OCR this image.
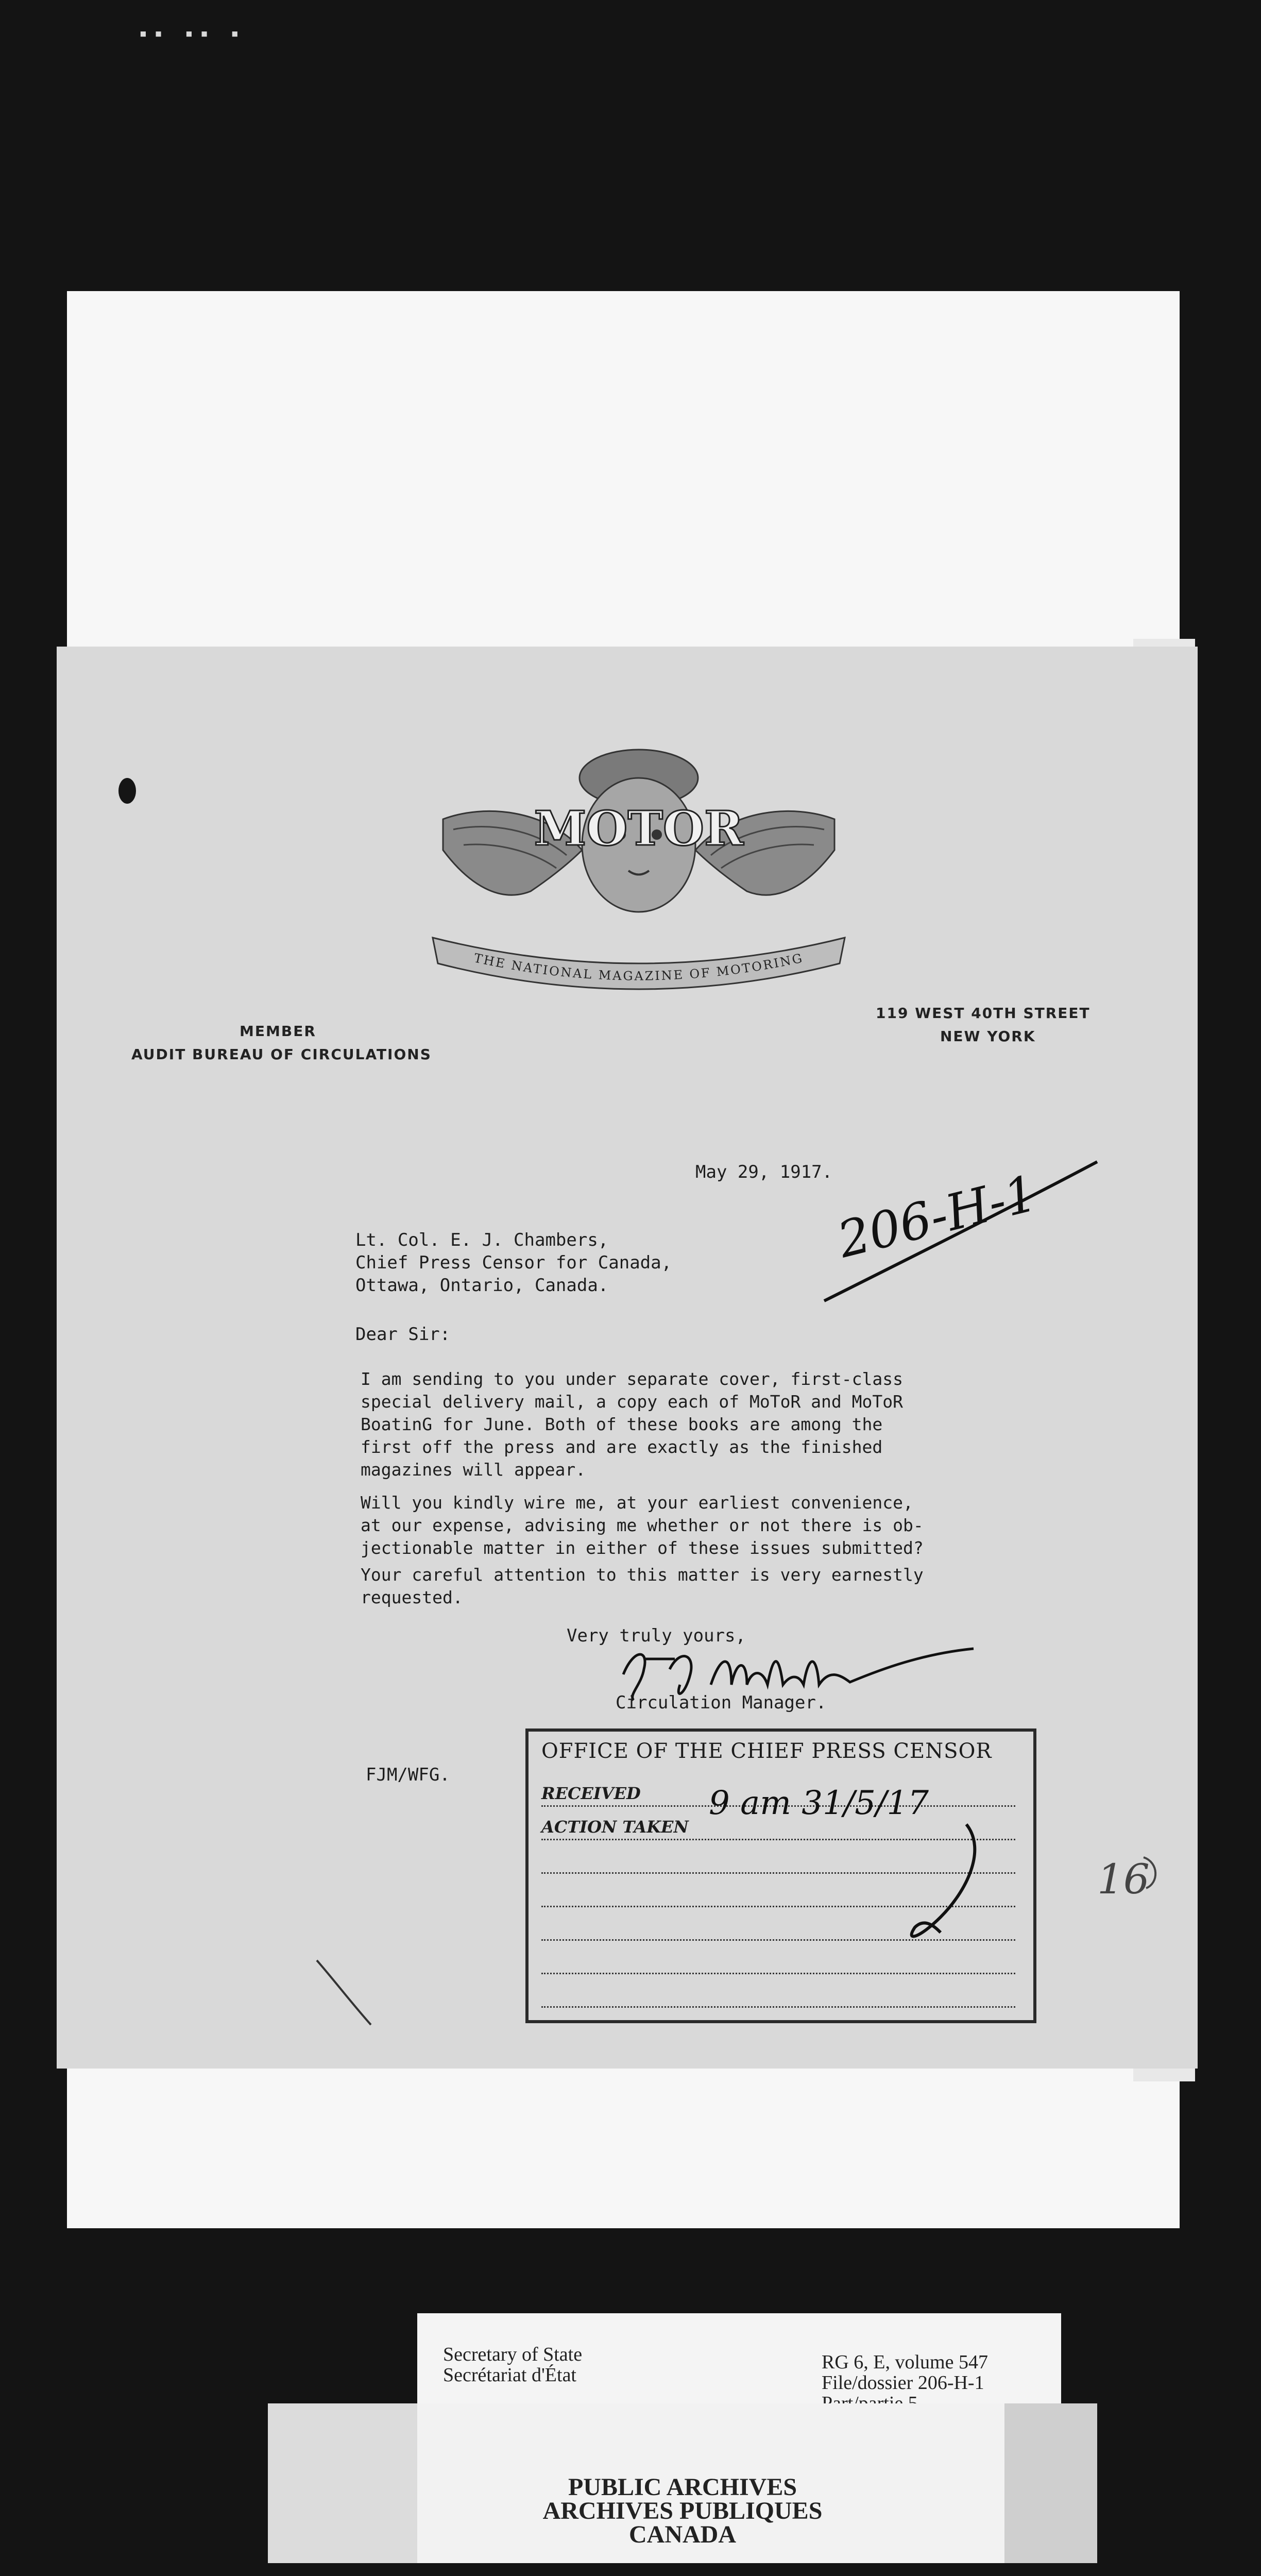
▪▪ ▪▪ ▪
MOTOR
THE NATIONAL MAGAZINE OF MOTORING
MEMBER
AUDIT BUREAU OF CIRCULATIONS
119 WEST 40TH STREET
NEW YORK
May 29, 1917. 206-H-1
Lt. Col. E. J. Chambers,
Chief Press Censor for Canada,
Ottawa, Ontario, Canada.
Dear Sir:
I am sending to you under separate cover, first-class
special delivery mail, a copy each of MoToR and MoToR
BoatinG for June. Both of these books are among the
first off the press and are exactly as the finished
magazines will appear.
Will you kindly wire me, at your earliest convenience,
at our expense, advising me whether or not there is ob-
jectionable matter in either of these issues submitted?
Your careful attention to this matter is very earnestly
requested.
Very truly yours,
Circulation Manager.
FJM/WFG.
OFFICE OF THE CHIEF PRESS CENSOR
RECEIVED
ACTION TAKEN
9 am 31/5/17
16
Secretary of State
Secrétariat d'État
RG 6, E, volume 547
File/dossier 206-H-1
PUBLIC ARCHIVES
ARCHIVES PUBLIQUES
CANADA
